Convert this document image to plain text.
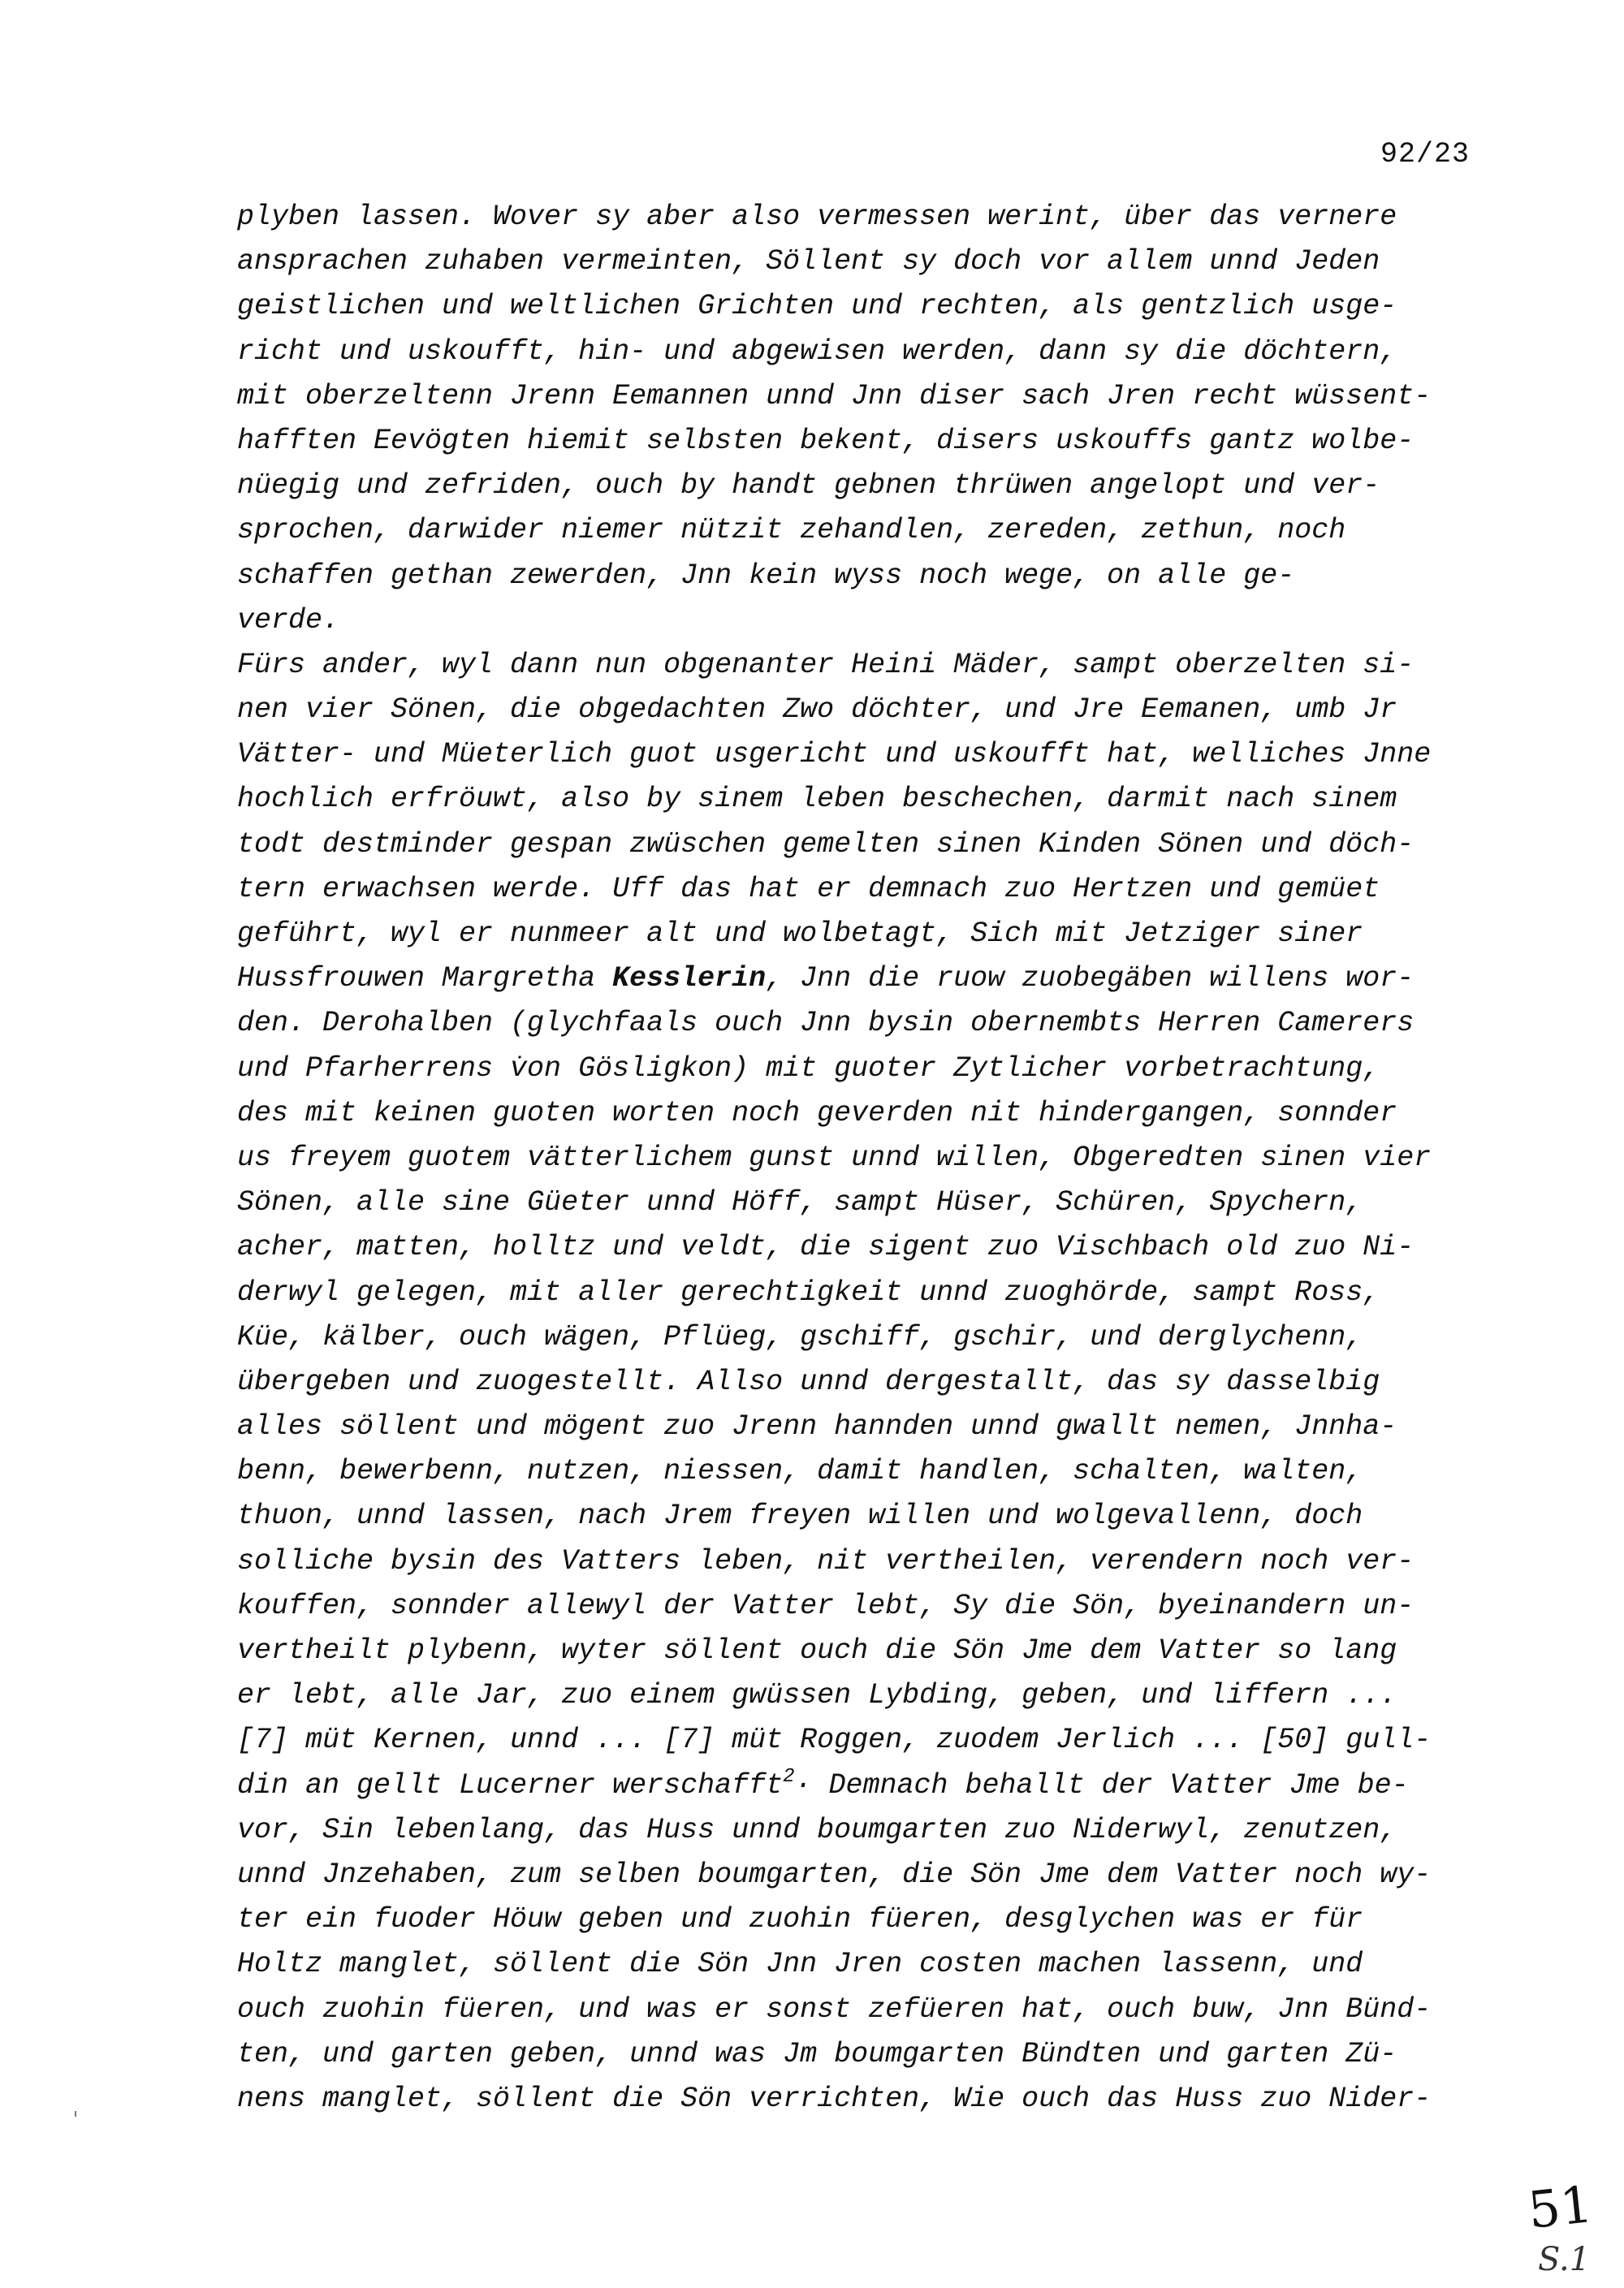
92/23
plyben lassen. Wover sy aber also vermessen werint, über das vernere
ansprachen zuhaben vermeinten, Söllent sy doch vor allem unnd Jeden
geistlichen und weltlichen Grichten und rechten, als gentzlich usge-
richt und uskoufft, hin- und abgewisen werden, dann sy die döchtern,
mit oberzeltenn Jrenn Eemannen unnd Jnn diser sach Jren recht wüssent-
hafften Eevögten hiemit selbsten bekent, disers uskouffs gantz wolbe-
nüegig und zefriden, ouch by handt gebnen thrüwen angelopt und ver-
sprochen, darwider niemer nützit zehandlen, zereden, zethun, noch
schaffen gethan zewerden, Jnn kein wyss noch wege, on alle ge-
verde.
Fürs ander, wyl dann nun obgenanter Heini Mäder, sampt oberzelten si-
nen vier Sönen, die obgedachten Zwo döchter, und Jre Eemanen, umb Jr
Vätter- und Müeterlich guot usgericht und uskoufft hat, welliches Jnne
hochlich erfröuwt, also by sinem leben beschechen, darmit nach sinem
todt destminder gespan zwüschen gemelten sinen Kinden Sönen und döch-
tern erwachsen werde. Uff das hat er demnach zuo Hertzen und gemüet
geführt, wyl er nunmeer alt und wolbetagt, Sich mit Jetziger siner
Hussfrouwen Margretha Kesslerin, Jnn die ruow zuobegäben willens wor-
den. Derohalben (glychfaals ouch Jnn bysin obernembts Herren Camerers
und Pfarherrens v̇on Gösligkon) mit guoter Zytlicher vorbetrachtung,
des mit keinen guoten worten noch geverden nit hindergangen, sonnder
us freyem guotem vätterlichem gunst unnd willen, Obgeredten sinen vier
Sönen, alle sine Güeter unnd Höff, sampt Hüser, Schüren, Spychern,
acher, matten, holltz und veldt, die sigent zuo Vischbach old zuo Ni-
derwyl gelegen, mit aller gerechtigkeit unnd zuoghörde, sampt Ross,
Küe, kälber, ouch wägen, Pflüeg, gschiff, gschir, und derglychenn,
übergeben und zuogestellt. Allso unnd dergestallt, das sy dasselbig
alles söllent und mögent zuo Jrenn hannden unnd gwallt nemen, Jnnha-
benn, bewerbenn, nutzen, niessen, damit handlen, schalten, walten,
thuon, unnd lassen, nach Jrem freyen willen und wolgevallenn, doch
solliche bysin des Vatters leben, nit vertheilen, verendern noch ver-
kouffen, sonnder allewyl der Vatter lebt, Sy die Sön, byeinandern un-
vertheilt plybenn, wyter söllent ouch die Sön Jme dem Vatter so lang
er lebt, alle Jar, zuo einem gwüssen Lybding, geben, und liffern ...
[7] müt Kernen, unnd ... [7] müt Roggen, zuodem Jerlich ... [50] gull-
din an gellt Lucerner werschafft$^2$· Demnach behallt der Vatter Jme be-
vor, Sin lebenlang, das Huss unnd boumgarten zuo Niderwyl, zenutzen,
unnd Jnzehaben, zum selben boumgarten, die Sön Jme dem Vatter noch wy-
ter ein fuoder Höuw geben und zuohin füeren, desglychen was er für
Holtz manglet, söllent die Sön Jnn Jren costen machen lassenn, und
ouch zuohin füeren, und was er sonst zefüeren hat, ouch buw, Jnn Bünd-
ten, und garten geben, unnd was Jm boumgarten Bündten und garten Zü-
nens manglet, söllent die Sön verrichten, Wie ouch das Huss zuo Nider-
51
S.1
